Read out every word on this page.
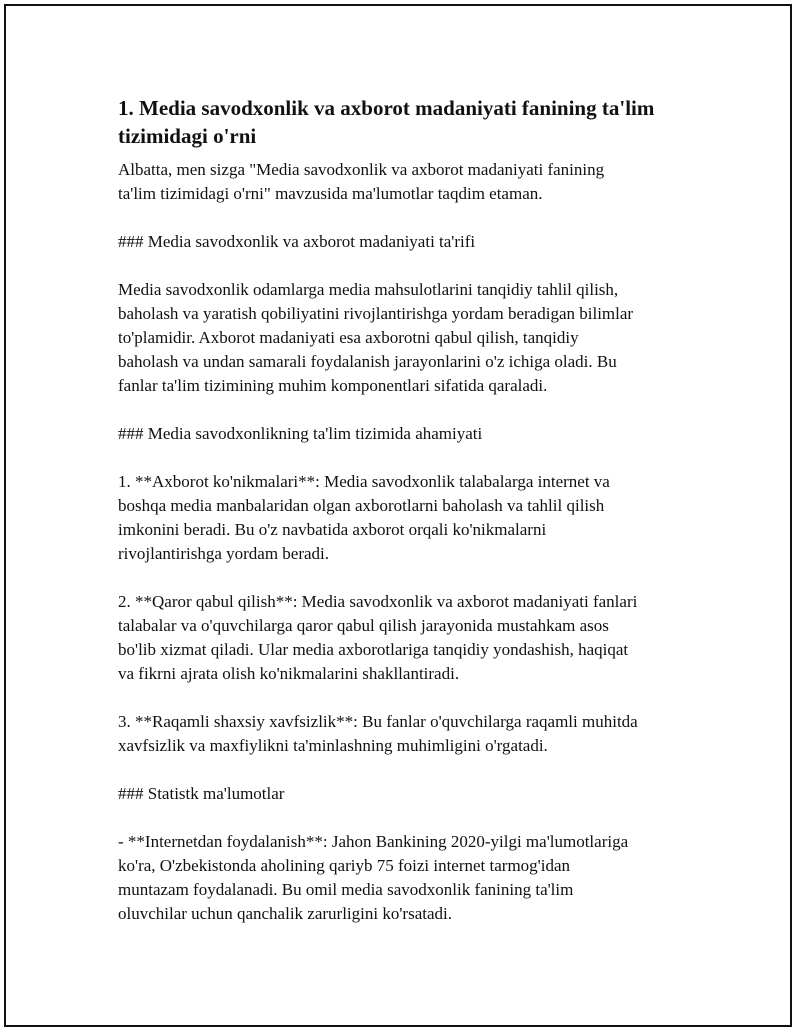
1. Media savodxonlik va axborot madaniyati fanining ta'lim
tizimidagi o'rni

Albatta, men sizga "Media savodxonlik va axborot madaniyati fanining
ta'lim tizimidagi o'rni" mavzusida ma'lumotlar taqdim etaman.

### Media savodxonlik va axborot madaniyati ta'rifi

Media savodxonlik odamlarga media mahsulotlarini tanqidiy tahlil qilish,
baholash va yaratish qobiliyatini rivojlantirishga yordam beradigan bilimlar
to'plamidir. Axborot madaniyati esa axborotni qabul qilish, tanqidiy
baholash va undan samarali foydalanish jarayonlarini o'z ichiga oladi. Bu
fanlar ta'lim tizimining muhim komponentlari sifatida qaraladi.

### Media savodxonlikning ta'lim tizimida ahamiyati

1. **Axborot ko'nikmalari**: Media savodxonlik talabalarga internet va
boshqa media manbalaridan olgan axborotlarni baholash va tahlil qilish
imkonini beradi. Bu o'z navbatida axborot orqali ko'nikmalarni
rivojlantirishga yordam beradi.

2. **Qaror qabul qilish**: Media savodxonlik va axborot madaniyati fanlari
talabalar va o'quvchilarga qaror qabul qilish jarayonida mustahkam asos
bo'lib xizmat qiladi. Ular media axborotlariga tanqidiy yondashish, haqiqat
va fikrni ajrata olish ko'nikmalarini shakllantiradi.

3. **Raqamli shaxsiy xavfsizlik**: Bu fanlar o'quvchilarga raqamli muhitda
xavfsizlik va maxfiylikni ta'minlashning muhimligini o'rgatadi.

### Statistk ma'lumotlar

- **Internetdan foydalanish**: Jahon Bankining 2020-yilgi ma'lumotlariga
ko'ra, O'zbekistonda aholining qariyb 75 foizi internet tarmog'idan
muntazam foydalanadi. Bu omil media savodxonlik fanining ta'lim
oluvchilar uchun qanchalik zarurligini ko'rsatadi.
